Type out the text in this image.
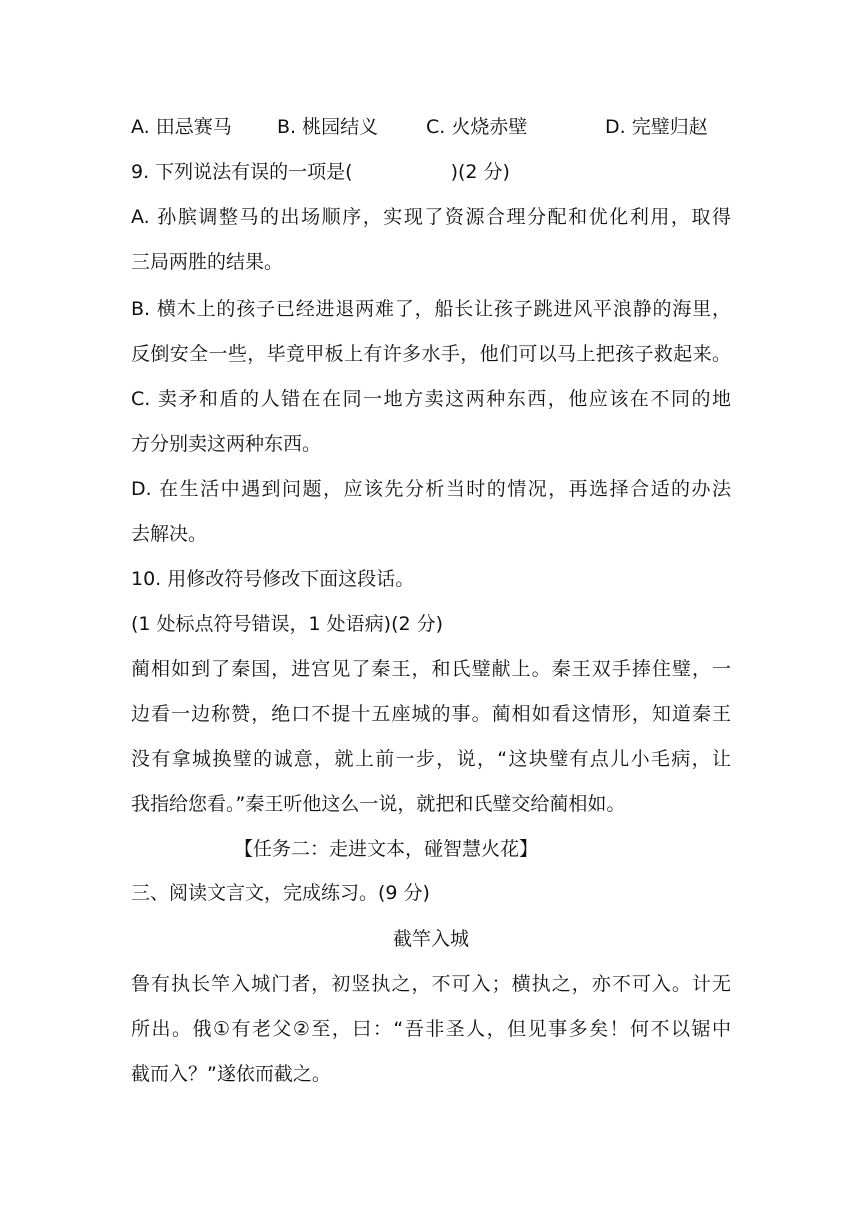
A. 田忌赛马 B. 桃园结义	C. 火烧赤壁	D. 完璧归赵
9. 下列说法有误的一项是(	)(2 分)
A. 孙膑调整马的出场顺序，实现了资源合理分配和优化利用，取得
三局两胜的结果。
B. 横木上的孩子已经进退两难了，船长让孩子跳进风平浪静的海里，
反倒安全一些，毕竟甲板上有许多水手，他们可以马上把孩子救起来。
C. 卖矛和盾的人错在在同一地方卖这两种东西，他应该在不同的地
方分别卖这两种东西。
D. 在生活中遇到问题，应该先分析当时的情况，再选择合适的办法
去解决。
10. 用修改符号修改下面这段话。
(1 处标点符号错误，1 处语病)(2 分)
蔺相如到了秦国，进宫见了秦王，和氏璧献上。秦王双手捧住璧，一
边看一边称赞，绝口不提十五座城的事。蔺相如看这情形，知道秦王
没有拿城换璧的诚意，就上前一步，说，“这块璧有点儿小毛病，让
我指给您看。”秦王听他这么一说，就把和氏璧交给蔺相如。
【任务二：走进文本，碰智慧火花】
三、阅读文言文，完成练习。(9 分)
截竿入城
鲁有执长竿入城门者，初竖执之，不可入；横执之，亦不可入。计无
所出。俄①有老父②至，曰：“吾非圣人，但见事多矣！何不以锯中
截而入？”遂依而截之。
